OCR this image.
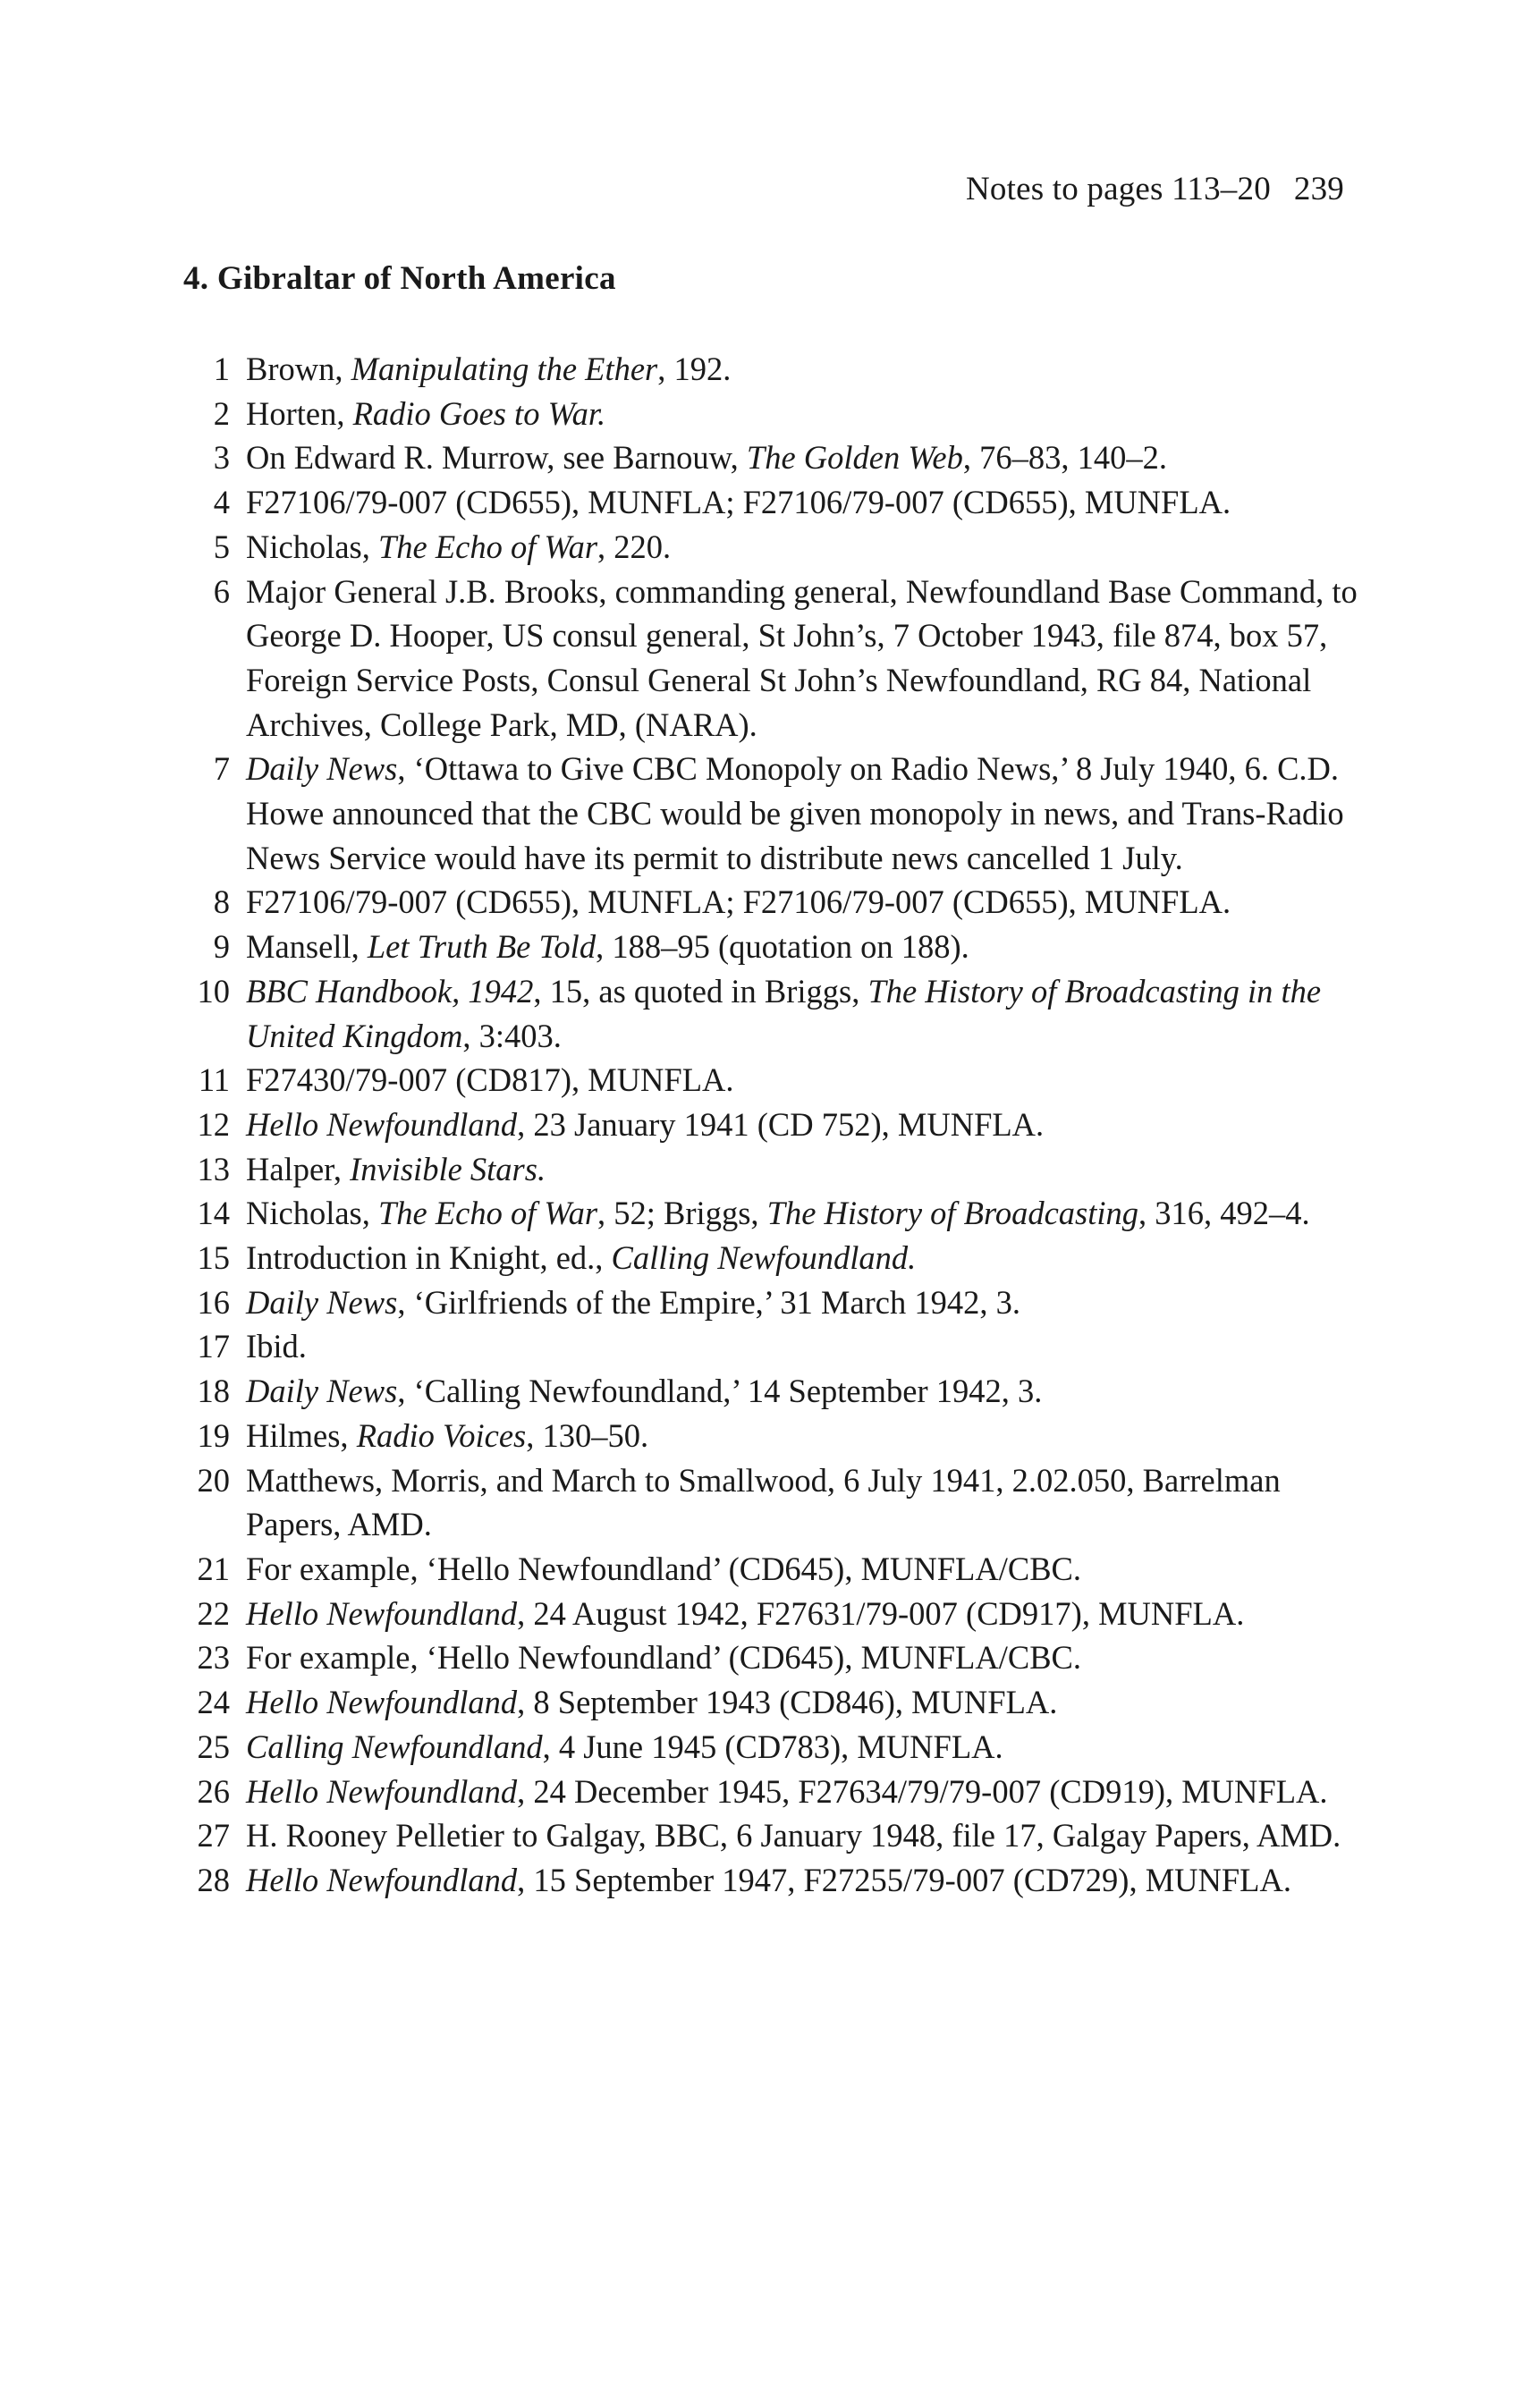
Notes to pages 113–20 239
4. Gibraltar of North America
1 Brown, Manipulating the Ether, 192.
2 Horten, Radio Goes to War.
3 On Edward R. Murrow, see Barnouw, The Golden Web, 76–83, 140–2.
4 F27106/79-007 (CD655), MUNFLA; F27106/79-007 (CD655), MUNFLA.
5 Nicholas, The Echo of War, 220.
6 Major General J.B. Brooks, commanding general, Newfoundland Base Command, to George D. Hooper, US consul general, St John’s, 7 October 1943, file 874, box 57, Foreign Service Posts, Consul General St John’s Newfoundland, RG 84, National Archives, College Park, MD, (NARA).
7 Daily News, ‘Ottawa to Give CBC Monopoly on Radio News,’ 8 July 1940, 6. C.D. Howe announced that the CBC would be given monopoly in news, and Trans-Radio News Service would have its permit to distribute news cancelled 1 July.
8 F27106/79-007 (CD655), MUNFLA; F27106/79-007 (CD655), MUNFLA.
9 Mansell, Let Truth Be Told, 188–95 (quotation on 188).
10 BBC Handbook, 1942, 15, as quoted in Briggs, The History of Broadcasting in the United Kingdom, 3:403.
11 F27430/79-007 (CD817), MUNFLA.
12 Hello Newfoundland, 23 January 1941 (CD 752), MUNFLA.
13 Halper, Invisible Stars.
14 Nicholas, The Echo of War, 52; Briggs, The History of Broadcasting, 316, 492–4.
15 Introduction in Knight, ed., Calling Newfoundland.
16 Daily News, ‘Girlfriends of the Empire,’ 31 March 1942, 3.
17 Ibid.
18 Daily News, ‘Calling Newfoundland,’ 14 September 1942, 3.
19 Hilmes, Radio Voices, 130–50.
20 Matthews, Morris, and March to Smallwood, 6 July 1941, 2.02.050, Barrelman Papers, AMD.
21 For example, ‘Hello Newfoundland’ (CD645), MUNFLA/CBC.
22 Hello Newfoundland, 24 August 1942, F27631/79-007 (CD917), MUNFLA.
23 For example, ‘Hello Newfoundland’ (CD645), MUNFLA/CBC.
24 Hello Newfoundland, 8 September 1943 (CD846), MUNFLA.
25 Calling Newfoundland, 4 June 1945 (CD783), MUNFLA.
26 Hello Newfoundland, 24 December 1945, F27634/79/79-007 (CD919), MUNFLA.
27 H. Rooney Pelletier to Galgay, BBC, 6 January 1948, file 17, Galgay Papers, AMD.
28 Hello Newfoundland, 15 September 1947, F27255/79-007 (CD729), MUNFLA.
